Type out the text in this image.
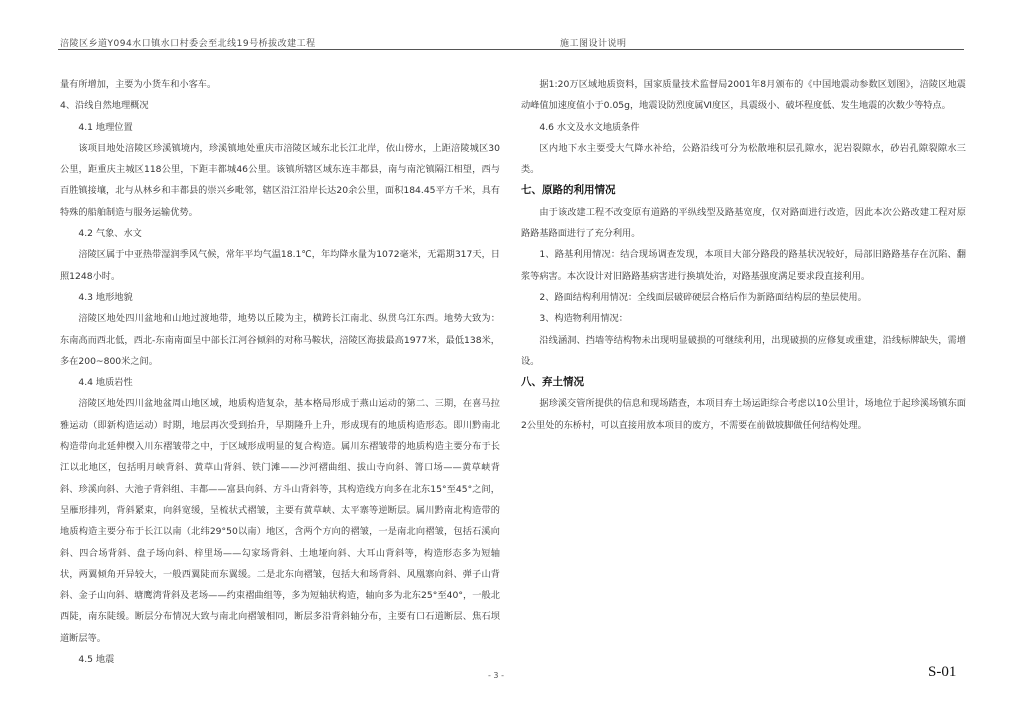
涪陵区乡道Y094水口镇水口村委会至北线19号桥拔改建工程	施工图设计说明

量有所增加，主要为小货车和小客车。

4、沿线自然地理概况

4.1 地理位置

该项目地处涪陵区珍溪镇境内，珍溪镇地处重庆市涪陵区域东北长江北岸，依山傍水，上距涪陵城区30公里，距重庆主城区118公里，下距丰都城46公里。该镇所辖区域东连丰都县，南与南沱镇隔江相望，西与百胜镇接壤，北与从林乡和丰都县的崇兴乡毗邻，辖区沿江沿岸长达20余公里，面积184.45平方千米，具有特殊的船舶制造与服务运输优势。

4.2 气象、水文

涪陵区属于中亚热带湿润季风气候，常年平均气温18.1℃，年均降水量为1072毫米，无霜期317天，日照1248小时。

4.3 地形地貌

涪陵区地处四川盆地和山地过渡地带，地势以丘陵为主，横跨长江南北、纵贯乌江东西。地势大致为：东南高而西北低，西北-东南南面呈中部长江河谷倾斜的对称马鞍状，涪陵区海拔最高1977米，最低138米，多在200~800米之间。

4.4 地质岩性

涪陵区地处四川盆地盆周山地区域，地质构造复杂，基本格局形成于燕山运动的第二、三期，在喜马拉雅运动（即新构造运动）时期，地层再次受到抬升，早期隆升上升，形成现有的地质构造形态。即川黔南北构造带向北延伸楔入川东褶皱带之中，于区域形成明显的复合构造。属川东褶皱带的地质构造主要分布于长江以北地区，包括明月峡背斜、黄草山背斜、铁门滩——沙河褶曲组、拔山寺向斜、箐口场——黄草峡背斜、珍溪向斜、大池子背斜组、丰都——富县向斜、方斗山背斜等，其构造线方向多在北东15°至45°之间，呈雁形排列，背斜紧束，向斜宽缓，呈梳状式褶皱，主要有黄草峡、太平寨等逆断层。属川黔南北构造带的地质构造主要分布于长江以南（北纬29°50以南）地区，含两个方向的褶皱，一是南北向褶皱，包括石溪向斜、四合场背斜、盘子场向斜、梓里场——勾家场背斜、土地垭向斜、大耳山背斜等，构造形态多为短轴状，两翼倾角开异较大，一般西翼陡而东翼缓。二是北东向褶皱，包括大和场背斜、风凰寨向斜、弹子山背斜、金子山向斜、塘鹰湾背斜及老场——约束褶曲组等，多为短轴状构造，轴向多为北东25°至40°，一般北西陡，南东陡缓。断层分布情况大致与南北向褶皱相同，断层多沿背斜轴分布，主要有口石道断层、焦石坝道断层等。

4.5 地震

据1:20万区域地质资料，国家质量技术监督局2001年8月颁布的《中国地震动参数区划图》，涪陵区地震动峰值加速度值小于0.05g，地震设防烈度属Ⅵ度区，具震级小、破坏程度低、发生地震的次数少等特点。

4.6 水文及水文地质条件

区内地下水主要受大气降水补给，公路沿线可分为松散堆积层孔隙水，泥岩裂隙水，砂岩孔隙裂隙水三类。

七、原路的利用情况

由于该改建工程不改变原有道路的平纵线型及路基宽度，仅对路面进行改造，因此本次公路改建工程对原路路基路面进行了充分利用。

1、路基利用情况：结合现场调查发现，本项目大部分路段的路基状况较好，局部旧路路基存在沉陷、翻浆等病害。本次设计对旧路路基病害进行换填处治，对路基强度满足要求段直接利用。

2、路面结构利用情况：全线面层破碎硬层合格后作为新路面结构层的垫层使用。

3、构造物利用情况：

沿线涵洞、挡墙等结构物未出现明显破损的可继续利用，出现破损的应修复或重建，沿线标牌缺失，需增设。

八、弃土情况

据珍溪交管所提供的信息和现场踏查，本项目弃土场运距综合考虑以10公里计，场地位于起珍溪场镇东面2公里处的东桥村，可以直接用放本项目的废方，不需要在前做坡脚做任何结构处理。

- 3 -	S-01
